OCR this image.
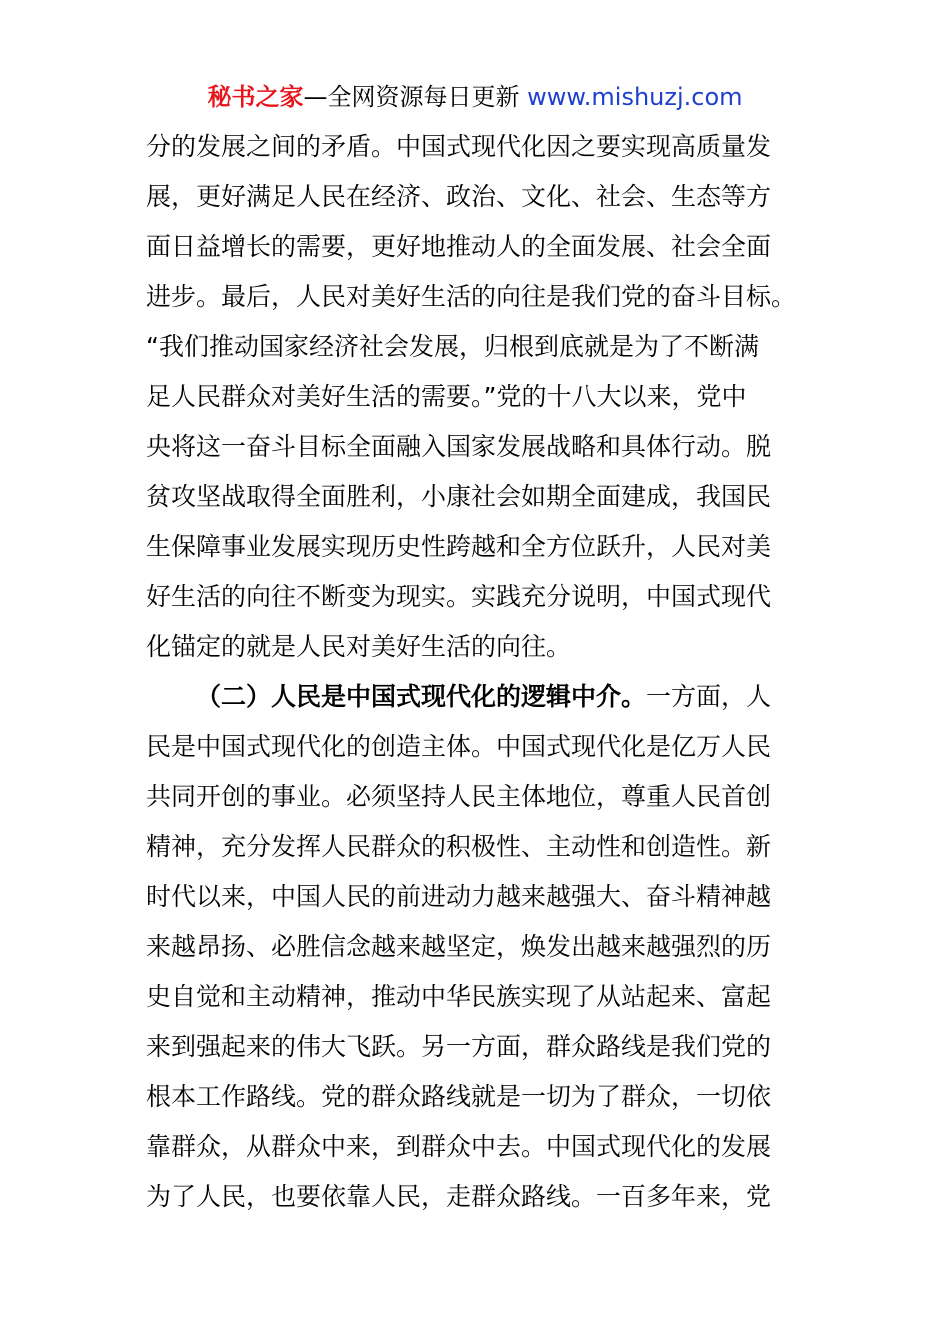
秘书之家—全网资源每日更新 www.mishuzj.com
分的发展之间的矛盾。中国式现代化因之要实现高质量发
展，更好满足人民在经济、政治、文化、社会、生态等方
面日益增长的需要，更好地推动人的全面发展、社会全面
进步。最后，人民对美好生活的向往是我们党的奋斗目标。
“我们推动国家经济社会发展，归根到底就是为了不断满
足人民群众对美好生活的需要。”党的十八大以来，党中
央将这一奋斗目标全面融入国家发展战略和具体行动。脱
贫攻坚战取得全面胜利，小康社会如期全面建成，我国民
生保障事业发展实现历史性跨越和全方位跃升，人民对美
好生活的向往不断变为现实。实践充分说明，中国式现代
化锚定的就是人民对美好生活的向往。
（二）人民是中国式现代化的逻辑中介。一方面，人
民是中国式现代化的创造主体。中国式现代化是亿万人民
共同开创的事业。必须坚持人民主体地位，尊重人民首创
精神，充分发挥人民群众的积极性、主动性和创造性。新
时代以来，中国人民的前进动力越来越强大、奋斗精神越
来越昂扬、必胜信念越来越坚定，焕发出越来越强烈的历
史自觉和主动精神，推动中华民族实现了从站起来、富起
来到强起来的伟大飞跃。另一方面，群众路线是我们党的
根本工作路线。党的群众路线就是一切为了群众，一切依
靠群众，从群众中来，到群众中去。中国式现代化的发展
为了人民，也要依靠人民，走群众路线。一百多年来，党
